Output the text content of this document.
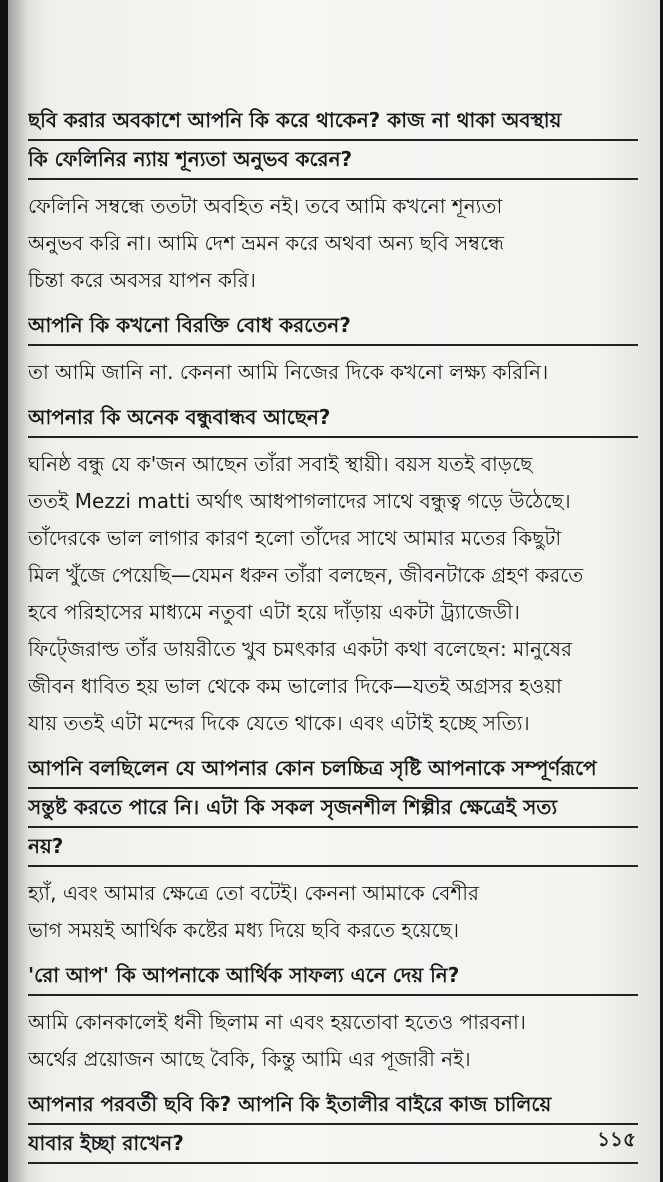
ছবি করার অবকাশে আপনি কি করে থাকেন? কাজ না থাকা অবস্থায়
কি ফেলিনির ন্যায় শূন্যতা অনুভব করেন?
ফেলিনি সম্বন্ধে ততটা অবহিত নই। তবে আমি কখনো শূন্যতা
অনুভব করি না। আমি দেশ ভ্রমন করে অথবা অন্য ছবি সম্বন্ধে
চিন্তা করে অবসর যাপন করি।
আপনি কি কখনো বিরক্তি বোধ করতেন?
তা আমি জানি না. কেননা আমি নিজের দিকে কখনো লক্ষ্য করিনি।
আপনার কি অনেক বন্ধুবান্ধব আছেন?
ঘনিষ্ঠ বন্ধু যে ক'জন আছেন তাঁরা সবাই স্থায়ী। বয়স যতই বাড়ছে
ততই Mezzi matti অর্থাৎ আধপাগলাদের সাথে বন্ধুত্ব গড়ে উঠেছে।
তাঁদেরকে ভাল লাগার কারণ হলো তাঁদের সাথে আমার মতের কিছুটা
মিল খুঁজে পেয়েছি—যেমন ধরুন তাঁরা বলছেন, জীবনটাকে গ্রহণ করতে
হবে পরিহাসের মাধ্যমে নতুবা এটা হয়ে দাঁড়ায় একটা ট্র্যাজেডী।
ফিট্জেরাল্ড তাঁর ডায়রীতে খুব চমৎকার একটা কথা বলেছেন: মানুষের
জীবন ধাবিত হয় ভাল থেকে কম ভালোর দিকে—যতই অগ্রসর হওয়া
যায় ততই এটা মন্দের দিকে যেতে থাকে। এবং এটাই হচ্ছে সত্যি।
আপনি বলছিলেন যে আপনার কোন চলচ্চিত্র সৃষ্টি আপনাকে সম্পূর্ণরূপে
সন্তুষ্ট করতে পারে নি। এটা কি সকল সৃজনশীল শিল্পীর ক্ষেত্রেই সত্য
নয়?
হ্যাঁ, এবং আমার ক্ষেত্রে তো বটেই। কেননা আমাকে বেশীর
ভাগ সময়ই আর্থিক কষ্টের মধ্য দিয়ে ছবি করতে হয়েছে।
'রো আপ' কি আপনাকে আর্থিক সাফল্য এনে দেয় নি?
আমি কোনকালেই ধনী ছিলাম না এবং হয়তোবা হতেও পারবনা।
অর্থের প্রয়োজন আছে বৈকি, কিন্তু আমি এর পূজারী নই।
আপনার পরবর্তী ছবি কি? আপনি কি ইতালীর বাইরে কাজ চালিয়ে
যাবার ইচ্ছা রাখেন?	১১৫
